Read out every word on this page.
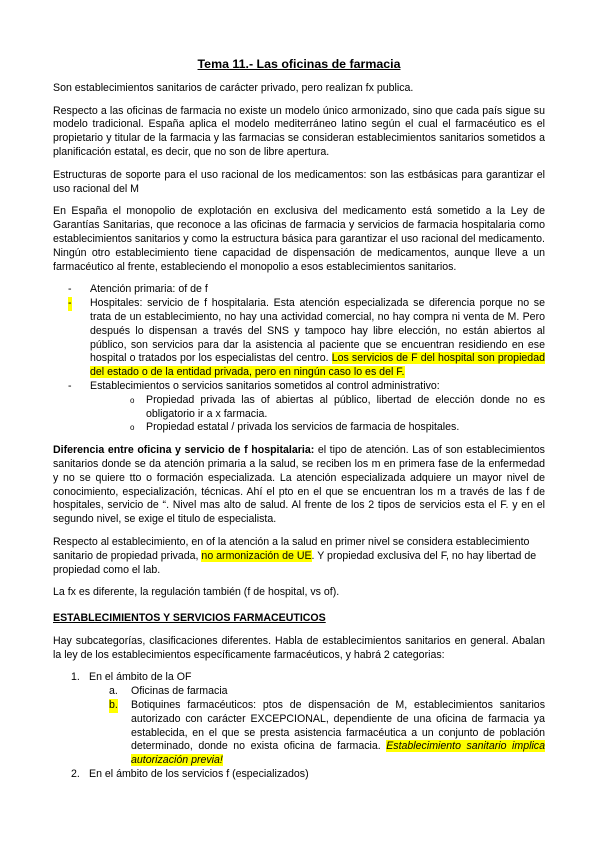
Tema 11.- Las oficinas de farmacia

Son establecimientos sanitarios de carácter privado, pero realizan fx publica.

Respecto a las oficinas de farmacia no existe un modelo único armonizado, sino que cada país sigue su modelo tradicional. España aplica el modelo mediterráneo latino según el cual el farmacéutico es el propietario y titular de la farmacia y las farmacias se consideran establecimientos sanitarios sometidos a planificación estatal, es decir, que no son de libre apertura.

Estructuras de soporte para el uso racional de los medicamentos: son las estbásicas para garantizar el uso racional del M

En España el monopolio de explotación en exclusiva del medicamento está sometido a la Ley de Garantías Sanitarias, que reconoce a las oficinas de farmacia y servicios de farmacia hospitalaria como establecimientos sanitarios y como la estructura básica para garantizar el uso racional del medicamento. Ningún otro establecimiento tiene capacidad de dispensación de medicamentos, aunque lleve a un farmacéutico al frente, estableciendo el monopolio a esos establecimientos sanitarios.

- Atención primaria: of de f
- Hospitales: servicio de f hospitalaria. Esta atención especializada se diferencia porque no se trata de un establecimiento, no hay una actividad comercial, no hay compra ni venta de M. Pero después lo dispensan a través del SNS y tampoco hay libre elección, no están abiertos al público, son servicios para dar la asistencia al paciente que se encuentran residiendo en ese hospital o tratados por los especialistas del centro. Los servicios de F del hospital son propiedad del estado o de la entidad privada, pero en ningún caso lo es del F.
- Establecimientos o servicios sanitarios sometidos al control administrativo:
o Propiedad privada las of abiertas al público, libertad de elección donde no es obligatorio ir a x farmacia.
o Propiedad estatal / privada los servicios de farmacia de hospitales.

Diferencia entre oficina y servicio de f hospitalaria: el tipo de atención. Las of son establecimientos sanitarios donde se da atención primaria a la salud, se reciben los m en primera fase de la enfermedad y no se quiere tto o formación especializada. La atención especializada adquiere un mayor nivel de conocimiento, especialización, técnicas. Ahí el pto en el que se encuentran los m a través de las f de hospitales, servicio de “. Nivel mas alto de salud. Al frente de los 2 tipos de servicios esta el F. y en el segundo nivel, se exige el titulo de especialista.

Respecto al establecimiento, en of la atención a la salud en primer nivel se considera establecimiento sanitario de propiedad privada, no armonización de UE. Y propiedad exclusiva del F, no hay libertad de propiedad como el lab.

La fx es diferente, la regulación también (f de hospital, vs of).

ESTABLECIMIENTOS Y SERVICIOS FARMACEUTICOS

Hay subcategorías, clasificaciones diferentes. Habla de establecimientos sanitarios en general. Abalan la ley de los establecimientos específicamente farmacéuticos, y habrá 2 categorias:

1. En el ámbito de la OF
a. Oficinas de farmacia
b. Botiquines farmacéuticos: ptos de dispensación de M, establecimientos sanitarios autorizado con carácter EXCEPCIONAL, dependiente de una oficina de farmacia ya establecida, en el que se presta asistencia farmacéutica a un conjunto de población determinado, donde no exista oficina de farmacia. Establecimiento sanitario implica autorización previa!
2. En el ámbito de los servicios f (especializados)
